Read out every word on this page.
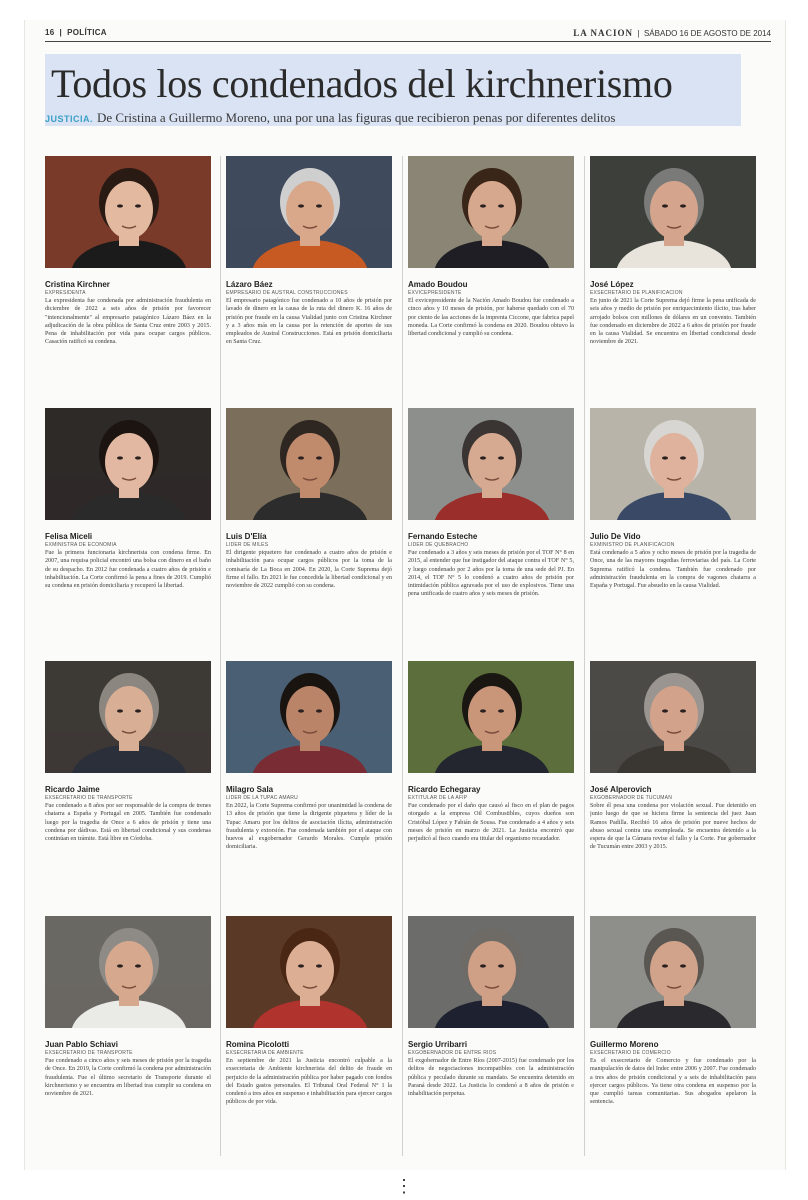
16  |  POLÍTICA	LA NACION  |  SÁBADO 16 DE AGOSTO DE 2014
Todos los condenados del kirchnerismo
JUSTICIA. De Cristina a Guillermo Moreno, una por una las figuras que recibieron penas por diferentes delitos
Cristina Kirchner
EXPRESIDENTA
La expresidenta fue condenada por administración fraudulenta en diciembre de 2022 a seis años de prisión por favorecer "intencionalmente" al empresario patagónico Lázaro Báez en la adjudicación de la obra pública de Santa Cruz entre 2003 y 2015. Pena de inhabilitación por vida para ocupar cargos públicos. Casación ratificó su condena.
Lázaro Báez
EMPRESARIO DE AUSTRAL CONSTRUCCIONES
El empresario patagónico fue condenado a 10 años de prisión por lavado de dinero en la causa de la ruta del dinero K. 16 años de prisión por fraude en la causa Vialidad junto con Cristina Kirchner y a 3 años más en la causa por la retención de aportes de sus empleados de Austral Construcciones. Está en prisión domiciliaria en Santa Cruz.
Amado Boudou
EXVICEPRESIDENTE
El exvicepresidente de la Nación Amado Boudou fue condenado a cinco años y 10 meses de prisión, por haberse quedado con el 70 por ciento de las acciones de la imprenta Ciccone, que fabrica papel moneda. La Corte confirmó la condena en 2020. Boudou obtuvo la libertad condicional y cumplió su condena.
José López
EXSECRETARIO DE PLANIFICACIÓN
En junio de 2021 la Corte Suprema dejó firme la pena unificada de seis años y medio de prisión por enriquecimiento ilícito, tras haber arrojado bolsos con millones de dólares en un convento. También fue condenado en diciembre de 2022 a 6 años de prisión por fraude en la causa Vialidad. Se encuentra en libertad condicional desde noviembre de 2021.
Felisa Miceli
EXMINISTRA DE ECONOMÍA
Fue la primera funcionaria kirchnerista con condena firme. En 2007, una requisa policial encontró una bolsa con dinero en el baño de su despacho. En 2012 fue condenada a cuatro años de prisión e inhabilitación. La Corte confirmó la pena a fines de 2019. Cumplió su condena en prisión domiciliaria y recuperó la libertad.
Luis D'Elía
LÍDER DE MILES
El dirigente piquetero fue condenado a cuatro años de prisión e inhabilitación para ocupar cargos públicos por la toma de la comisaría de La Boca en 2004. En 2020, la Corte Suprema dejó firme el fallo. En 2021 le fue concedida la libertad condicional y en noviembre de 2022 cumplió con su condena.
Fernando Esteche
LÍDER DE QUEBRACHO
Fue condenado a 3 años y seis meses de prisión por el TOF N° 8 en 2015, al entender que fue instigador del ataque contra el TOF N° 5, y luego condenado por 2 años por la toma de una sede del PJ. En 2014, el TOF N° 5 lo condenó a cuatro años de prisión por intimidación pública agravada por el uso de explosivos. Tiene una pena unificada de cuatro años y seis meses de prisión.
Julio De Vido
EXMINISTRO DE PLANIFICACIÓN
Está condenado a 5 años y ocho meses de prisión por la tragedia de Once, una de las mayores tragedias ferroviarias del país. La Corte Suprema ratificó la condena. También fue condenado por administración fraudulenta en la compra de vagones chatarra a España y Portugal. Fue absuelto en la causa Vialidad.
Ricardo Jaime
EXSECRETARIO DE TRANSPORTE
Fue condenado a 8 años por ser responsable de la compra de trenes chatarra a España y Portugal en 2005. También fue condenado luego por la tragedia de Once a 6 años de prisión y tiene una condena por dádivas. Está en libertad condicional y sus condenas continúan en trámite. Está libre en Córdoba.
Milagro Sala
LÍDER DE LA TUPAC AMARU
En 2022, la Corte Suprema confirmó por unanimidad la condena de 13 años de prisión que tiene la dirigente piquetera y líder de la Tupac Amaru por los delitos de asociación ilícita, administración fraudulenta y extorsión. Fue condenada también por el ataque con huevos al exgobernador Gerardo Morales. Cumple prisión domiciliaria.
Ricardo Echegaray
EXTITULAR DE LA AFIP
Fue condenado por el daño que causó al fisco en el plan de pagos otorgado a la empresa Oil Combustibles, cuyos dueños son Cristóbal López y Fabián de Sousa. Fue condenado a 4 años y seis meses de prisión en marzo de 2021. La Justicia encontró que perjudicó al fisco cuando era titular del organismo recaudador.
José Alperovich
EXGOBERNADOR DE TUCUMÁN
Sobre él pesa una condena por violación sexual. Fue detenido en junio luego de que se hiciera firme la sentencia del juez Juan Ramos Padilla. Recibió 16 años de prisión por nueve hechos de abuso sexual contra una exempleada. Se encuentra detenido a la espera de que la Cámara revise el fallo y la Corte. Fue gobernador de Tucumán entre 2003 y 2015.
Juan Pablo Schiavi
EXSECRETARIO DE TRANSPORTE
Fue condenado a cinco años y seis meses de prisión por la tragedia de Once. En 2019, la Corte confirmó la condena por administración fraudulenta. Fue el último secretario de Transporte durante el kirchnerismo y se encuentra en libertad tras cumplir su condena en noviembre de 2021.
Romina Picolotti
EXSECRETARIA DE AMBIENTE
En septiembre de 2021 la Justicia encontró culpable a la exsecretaria de Ambiente kirchnerista del delito de fraude en perjuicio de la administración pública por haber pagado con fondos del Estado gastos personales. El Tribunal Oral Federal N° 1 la condenó a tres años en suspenso e inhabilitación para ejercer cargos públicos de por vida.
Sergio Urribarri
EXGOBERNADOR DE ENTRE RÍOS
El exgobernador de Entre Ríos (2007-2015) fue condenado por los delitos de negociaciones incompatibles con la administración pública y peculado durante su mandato. Se encuentra detenido en Paraná desde 2022. La Justicia lo condenó a 8 años de prisión e inhabilitación perpetua.
Guillermo Moreno
EXSECRETARIO DE COMERCIO
Es el exsecretario de Comercio y fue condenado por la manipulación de datos del Indec entre 2006 y 2007. Fue condenado a tres años de prisión condicional y a seis de inhabilitación para ejercer cargos públicos. Ya tiene otra condena en suspenso por la que cumplió tareas comunitarias. Sus abogados apelaron la sentencia.
⋮
